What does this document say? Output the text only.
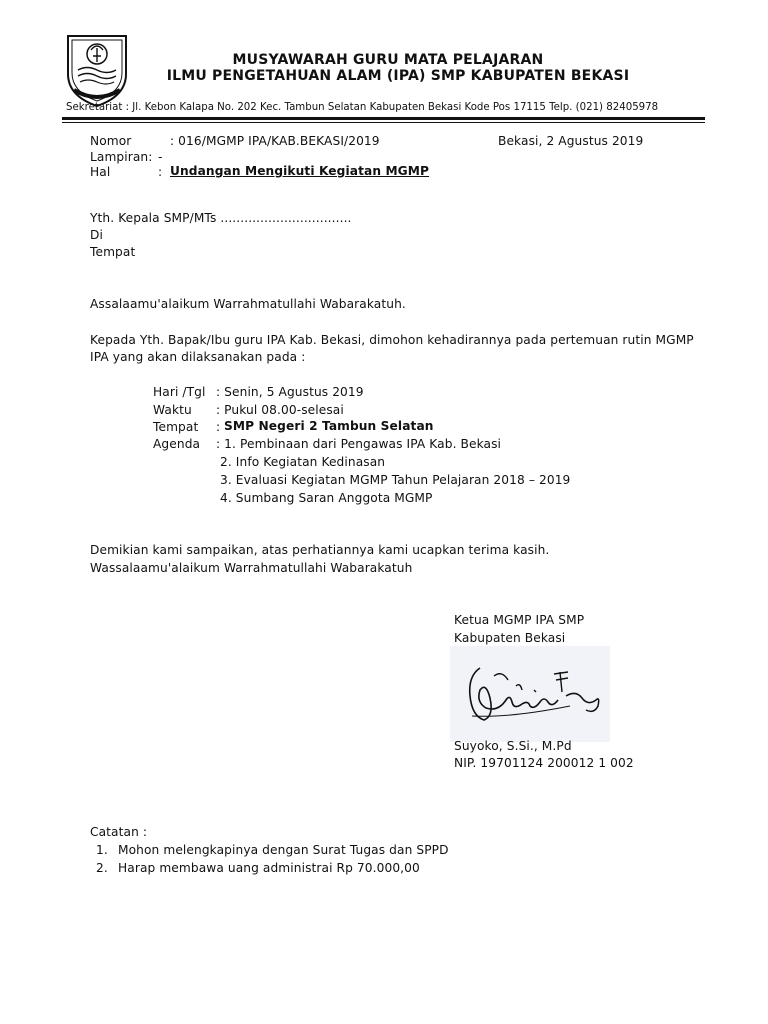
MUSYAWARAH GURU MATA PELAJARAN
ILMU PENGETAHUAN ALAM (IPA) SMP KABUPATEN BEKASI
Sekretariat : Jl. Kebon Kalapa No. 202 Kec. Tambun Selatan Kabupaten Bekasi Kode Pos 17115 Telp. (021) 82405978
Nomor	: 016/MGMP IPA/KAB.BEKASI/2019	Bekasi, 2 Agustus 2019
Lampiran: -
Hal	: Undangan Mengikuti Kegiatan MGMP
Yth. Kepala SMP/MTs .................................
Di
Tempat
Assalaamu'alaikum Warrahmatullahi Wabarakatuh.
Kepada Yth. Bapak/Ibu guru IPA Kab. Bekasi, dimohon kehadirannya pada pertemuan rutin MGMP
IPA yang akan dilaksanakan pada :
Hari /Tgl : Senin, 5 Agustus 2019
Waktu : Pukul 08.00-selesai
Tempat : SMP Negeri 2 Tambun Selatan
Agenda : 1. Pembinaan dari Pengawas IPA Kab. Bekasi
2. Info Kegiatan Kedinasan
3. Evaluasi Kegiatan MGMP Tahun Pelajaran 2018 – 2019
4. Sumbang Saran Anggota MGMP
Demikian kami sampaikan, atas perhatiannya kami ucapkan terima kasih.
Wassalaamu'alaikum Warrahmatullahi Wabarakatuh
Ketua MGMP IPA SMP
Kabupaten Bekasi
Suyoko, S.Si., M.Pd
NIP. 19701124 200012 1 002
Catatan :
1. Mohon melengkapinya dengan Surat Tugas dan SPPD
2. Harap membawa uang administrai Rp 70.000,00
